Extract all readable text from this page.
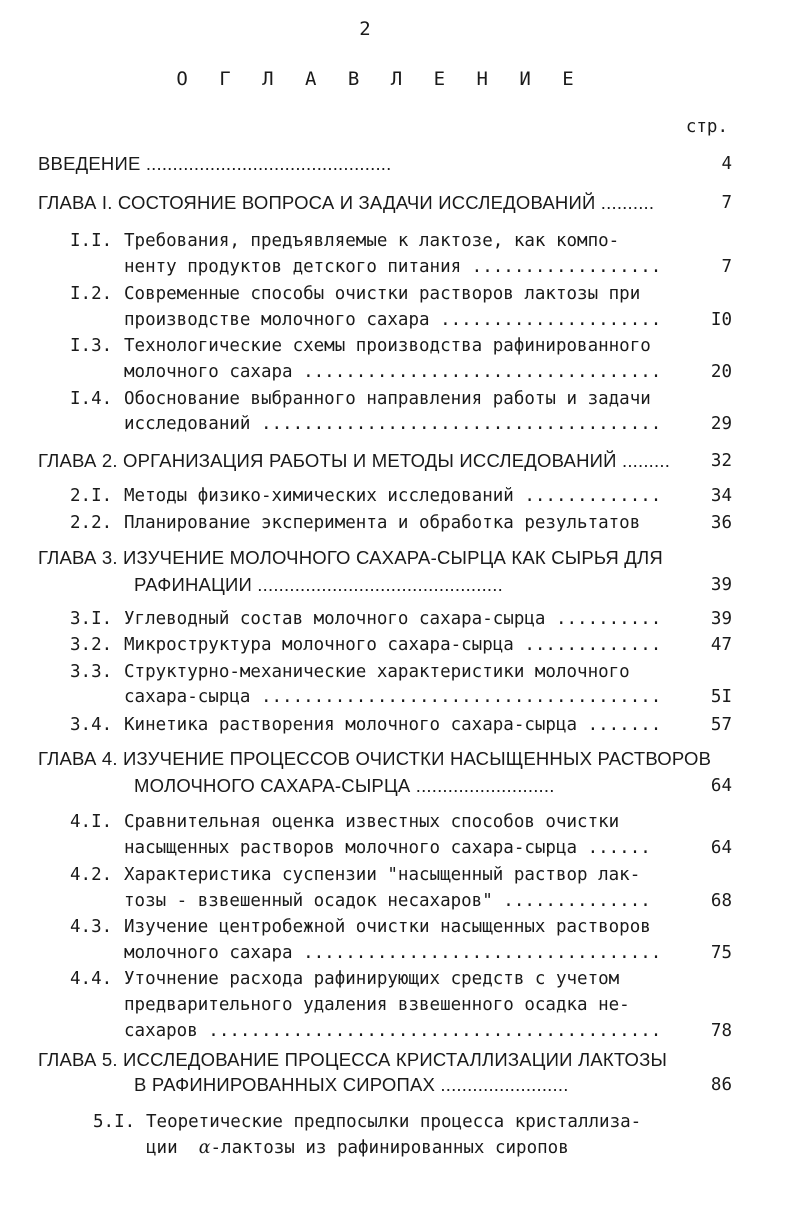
2
О Г Л А В Л Е Н И Е
стр.
ВВЕДЕНИЕ ..............................................	4
ГЛАВА I. СОСТОЯНИЕ ВОПРОСА И ЗАДАЧИ ИССЛЕДОВАНИЙ ..........	7
I.I. Требования, предъявляемые к лактозе, как компо-
ненту продуктов детского питания ..................	7
I.2. Современные способы очистки растворов лактозы при
производстве молочного сахара .....................	I0
I.3. Технологические схемы производства рафинированного
молочного сахара ..................................	20
I.4. Обоснование выбранного направления работы и задачи
исследований ......................................	29
ГЛАВА 2. ОРГАНИЗАЦИЯ РАБОТЫ И МЕТОДЫ ИССЛЕДОВАНИЙ ......... 32
2.I. Методы физико-химических исследований .............	34
2.2. Планирование эксперимента и обработка результатов	36
ГЛАВА 3. ИЗУЧЕНИЕ МОЛОЧНОГО САХАРА-СЫРЦА КАК СЫРЬЯ ДЛЯ
РАФИНАЦИИ ..............................................	39
3.I. Углеводный состав молочного сахара-сырца ..........	39
3.2. Микроструктура молочного сахара-сырца .............	47
3.3. Структурно-механические характеристики молочного
сахара-сырца ......................................	5I
3.4. Кинетика растворения молочного сахара-сырца .......	57
ГЛАВА 4. ИЗУЧЕНИЕ ПРОЦЕССОВ ОЧИСТКИ НАСЫЩЕННЫХ РАСТВОРОВ
МОЛОЧНОГО САХАРА-СЫРЦА ..........................	64
4.I. Сравнительная оценка известных способов очистки
насыщенных растворов молочного сахара-сырца ......	64
4.2. Характеристика суспензии "насыщенный раствор лак-
тозы - взвешенный осадок несахаров" ..............	68
4.3. Изучение центробежной очистки насыщенных растворов
молочного сахара ..................................	75
4.4. Уточнение расхода рафинирующих средств с учетом
предварительного удаления взвешенного осадка не-
сахаров ...........................................	78
ГЛАВА 5. ИССЛЕДОВАНИЕ ПРОЦЕССА КРИСТАЛЛИЗАЦИИ ЛАКТОЗЫ
В РАФИНИРОВАННЫХ СИРОПАХ ........................	86
5.I. Теоретические предпосылки процесса кристаллиза-
ции  α-лактозы из рафинированных сиропов
